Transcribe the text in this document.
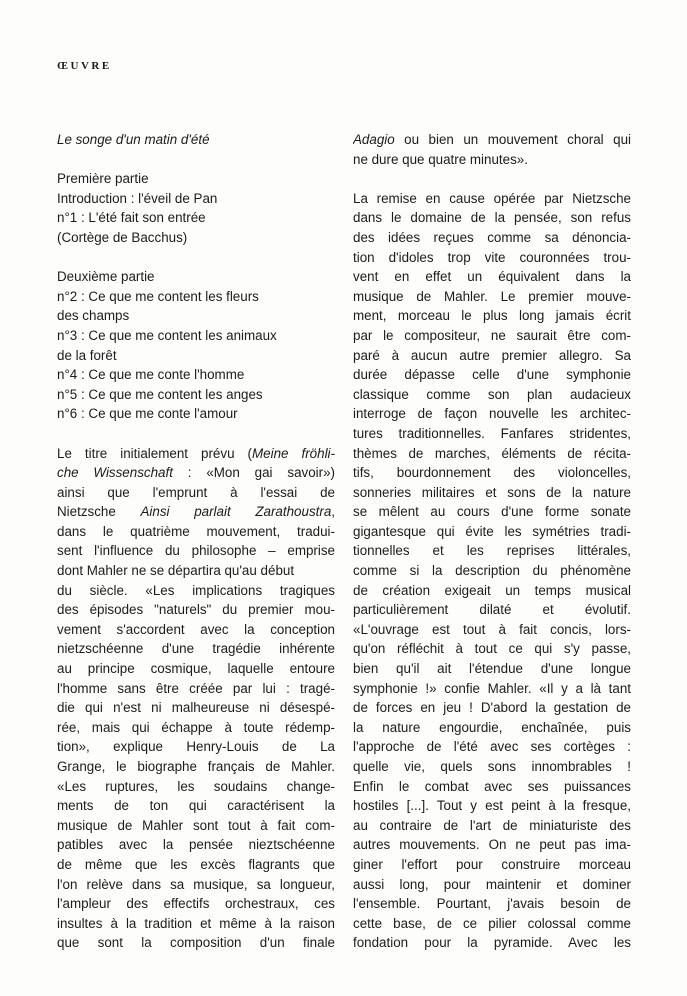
ŒUVRE
Le songe d'un matin d'été
Première partie
Introduction : l'éveil de Pan
n°1 : L'été fait son entrée
(Cortège de Bacchus)
Deuxième partie
n°2 : Ce que me content les fleurs
des champs
n°3 : Ce que me content les animaux
de la forêt
n°4 : Ce que me conte l'homme
n°5 : Ce que me content les anges
n°6 : Ce que me conte l'amour
Le titre initialement prévu (Meine fröhli-
che Wissenschaft : «Mon gai savoir»)
ainsi que l'emprunt à l'essai de
Nietzsche Ainsi parlait Zarathoustra,
dans le quatrième mouvement, tradui-
sent l'influence du philosophe – emprise
dont Mahler ne se départira qu'au début
du siècle. «Les implications tragiques
des épisodes "naturels" du premier mou-
vement s'accordent avec la conception
nietzschéenne d'une tragédie inhérente
au principe cosmique, laquelle entoure
l'homme sans être créée par lui : tragé-
die qui n'est ni malheureuse ni désespé-
rée, mais qui échappe à toute rédemp-
tion», explique Henry-Louis de La
Grange, le biographe français de Mahler.
«Les ruptures, les soudains change-
ments de ton qui caractérisent la
musique de Mahler sont tout à fait com-
patibles avec la pensée nieztschéenne
de même que les excès flagrants que
l'on relève dans sa musique, sa longueur,
l'ampleur des effectifs orchestraux, ces
insultes à la tradition et même à la raison
que sont la composition d'un finale
Adagio ou bien un mouvement choral qui
ne dure que quatre minutes».
La remise en cause opérée par Nietzsche
dans le domaine de la pensée, son refus
des idées reçues comme sa dénoncia-
tion d'idoles trop vite couronnées trou-
vent en effet un équivalent dans la
musique de Mahler. Le premier mouve-
ment, morceau le plus long jamais écrit
par le compositeur, ne saurait être com-
paré à aucun autre premier allegro. Sa
durée dépasse celle d'une symphonie
classique comme son plan audacieux
interroge de façon nouvelle les architec-
tures traditionnelles. Fanfares stridentes,
thèmes de marches, éléments de récita-
tifs, bourdonnement des violoncelles,
sonneries militaires et sons de la nature
se mêlent au cours d'une forme sonate
gigantesque qui évite les symétries tradi-
tionnelles et les reprises littérales,
comme si la description du phénomène
de création exigeait un temps musical
particulièrement dilaté et évolutif.
«L'ouvrage est tout à fait concis, lors-
qu'on réfléchit à tout ce qui s'y passe,
bien qu'il ait l'étendue d'une longue
symphonie !» confie Mahler. «Il y a là tant
de forces en jeu ! D'abord la gestation de
la nature engourdie, enchaînée, puis
l'approche de l'été avec ses cortèges :
quelle vie, quels sons innombrables !
Enfin le combat avec ses puissances
hostiles [...]. Tout y est peint à la fresque,
au contraire de l'art de miniaturiste des
autres mouvements. On ne peut pas ima-
giner l'effort pour construire morceau
aussi long, pour maintenir et dominer
l'ensemble. Pourtant, j'avais besoin de
cette base, de ce pilier colossal comme
fondation pour la pyramide. Avec les
